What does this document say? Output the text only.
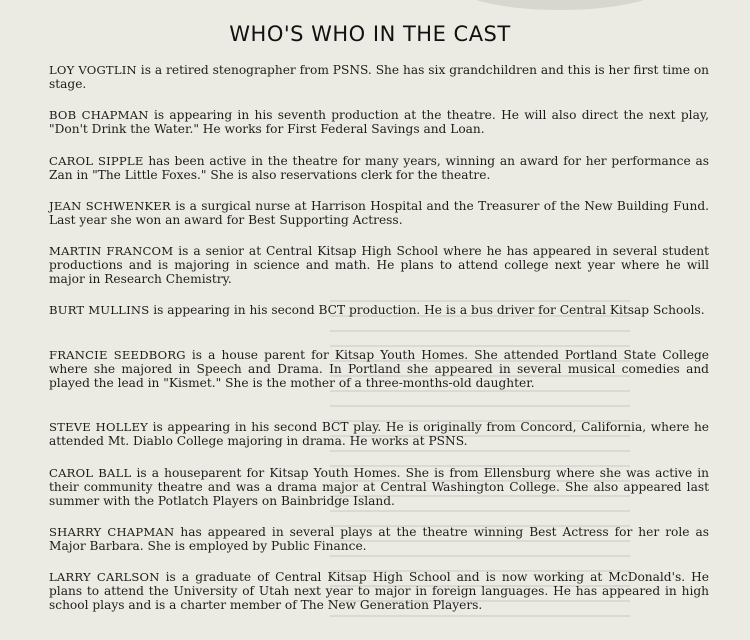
WHO'S WHO IN THE CAST

LOY VOGTLIN is a retired stenographer from PSNS. She has six grandchildren and this is her first time on stage.

BOB CHAPMAN is appearing in his seventh production at the theatre. He will also direct the next play, "Don't Drink the Water." He works for First Federal Savings and Loan.

CAROL SIPPLE has been active in the theatre for many years, winning an award for her performance as Zan in "The Little Foxes." She is also reservations clerk for the theatre.

JEAN SCHWENKER is a surgical nurse at Harrison Hospital and the Treasurer of the New Building Fund. Last year she won an award for Best Supporting Actress.

MARTIN FRANCOM is a senior at Central Kitsap High School where he has appeared in several student productions and is majoring in science and math. He plans to attend college next year where he will major in Research Chemistry.

BURT MULLINS is appearing in his second BCT production. He is a bus driver for Central Kitsap Schools.

FRANCIE SEEDBORG is a house parent for Kitsap Youth Homes. She attended Portland State College where she majored in Speech and Drama. In Portland she appeared in several musical comedies and played the lead in "Kismet." She is the mother of a three-months-old daughter.

STEVE HOLLEY is appearing in his second BCT play. He is originally from Concord, California, where he attended Mt. Diablo College majoring in drama. He works at PSNS.

CAROL BALL is a houseparent for Kitsap Youth Homes. She is from Ellensburg where she was active in their community theatre and was a drama major at Central Washington College. She also appeared last summer with the Potlatch Players on Bainbridge Island.

SHARRY CHAPMAN has appeared in several plays at the theatre winning Best Actress for her role as Major Barbara. She is employed by Public Finance.

LARRY CARLSON is a graduate of Central Kitsap High School and is now working at McDonald's. He plans to attend the University of Utah next year to major in foreign languages. He has appeared in high school plays and is a charter member of The New Generation Players.
